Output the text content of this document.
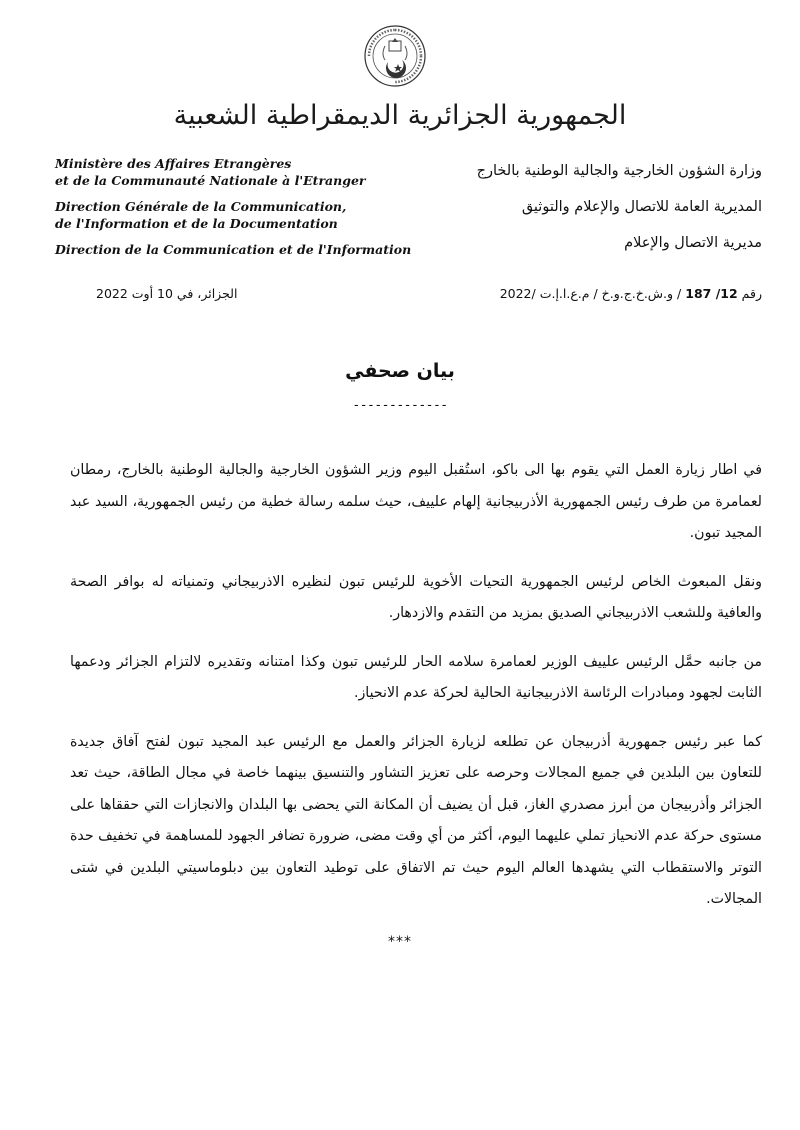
الجمهورية الجزائرية الديمقراطية الشعبية
Ministère des Affaires Etrangères
et de la Communauté Nationale à l'Etranger
Direction Générale de la Communication,
de l'Information et de la Documentation
Direction de la Communication et de l'Information
وزارة الشؤون الخارجية والجالية الوطنية بالخارج
المديرية العامة للاتصال والإعلام والتوثيق
مديرية الاتصال والإعلام
رقم 12/ 187 / و.ش.خ.ج.و.خ / م.ع.ا.إ.ت /2022
الجزائر، في 10 أوت 2022
بيان صحفي
-------------

في اطار زيارة العمل التي يقوم بها الى باكو، استُقبل اليوم وزير الشؤون الخارجية والجالية الوطنية بالخارج، رمطان لعمامرة من طرف رئيس الجمهورية الأذربيجانية إلهام علييف، حيث سلمه رسالة خطية من رئيس الجمهورية، السيد عبد المجيد تبون.

ونقل المبعوث الخاص لرئيس الجمهورية التحيات الأخوية للرئيس تبون لنظيره الاذربيجاني وتمنياته له بوافر الصحة والعافية وللشعب الاذربيجاني الصديق بمزيد من التقدم والازدهار.

من جانبه حمَّل الرئيس علييف الوزير لعمامرة سلامه الحار للرئيس تبون وكذا امتنانه وتقديره لالتزام الجزائر ودعمها الثابت لجهود ومبادرات الرئاسة الاذربيجانية الحالية لحركة عدم الانحياز.

كما عبر رئيس جمهورية أذربيجان عن تطلعه لزيارة الجزائر والعمل مع الرئيس عبد المجيد تبون لفتح آفاق جديدة للتعاون بين البلدين في جميع المجالات وحرصه على تعزيز التشاور والتنسيق بينهما خاصة في مجال الطاقة، حيث تعد الجزائر وأذربيجان من أبرز مصدري الغاز، قبل أن يضيف أن المكانة التي يحضى بها البلدان والانجازات التي حققاها على مستوى حركة عدم الانحياز تملي عليهما اليوم، أكثر من أي وقت مضى، ضرورة تضافر الجهود للمساهمة في تخفيف حدة التوتر والاستقطاب التي يشهدها العالم اليوم حيث تم الاتفاق على توطيد التعاون بين دبلوماسيتي البلدين في شتى المجالات.

***
